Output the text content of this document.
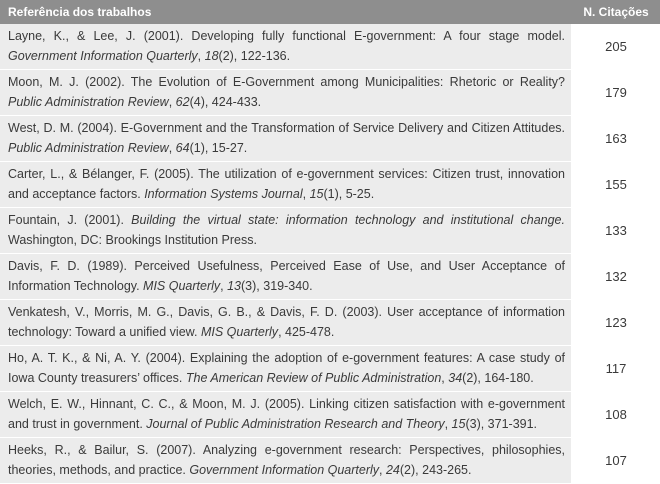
Referência dos trabalhos	N. Citações
Layne, K., & Lee, J. (2001). Developing fully functional E-government: A four stage model. Government Information Quarterly, 18(2), 122-136.
205
Moon, M. J. (2002). The Evolution of E-Government among Municipalities: Rhetoric or Reality? Public Administration Review, 62(4), 424-433.
179
West, D. M. (2004). E-Government and the Transformation of Service Delivery and Citizen Attitudes. Public Administration Review, 64(1), 15-27.
163
Carter, L., & Bélanger, F. (2005). The utilization of e-government services: Citizen trust, innovation and acceptance factors. Information Systems Journal, 15(1), 5-25.
155
Fountain, J. (2001). Building the virtual state: information technology and institutional change. Washington, DC: Brookings Institution Press.
133
Davis, F. D. (1989). Perceived Usefulness, Perceived Ease of Use, and User Acceptance of Information Technology. MIS Quarterly, 13(3), 319-340.
132
Venkatesh, V., Morris, M. G., Davis, G. B., & Davis, F. D. (2003). User acceptance of information technology: Toward a unified view. MIS Quarterly, 425-478.
123
Ho, A. T. K., & Ni, A. Y. (2004). Explaining the adoption of e-government features: A case study of Iowa County treasurers’ offices. The American Review of Public Administration, 34(2), 164-180.
117
Welch, E. W., Hinnant, C. C., & Moon, M. J. (2005). Linking citizen satisfaction with e-government and trust in government. Journal of Public Administration Research and Theory, 15(3), 371-391.
108
Heeks, R., & Bailur, S. (2007). Analyzing e-government research: Perspectives, philosophies, theories, methods, and practice. Government Information Quarterly, 24(2), 243-265.
107
